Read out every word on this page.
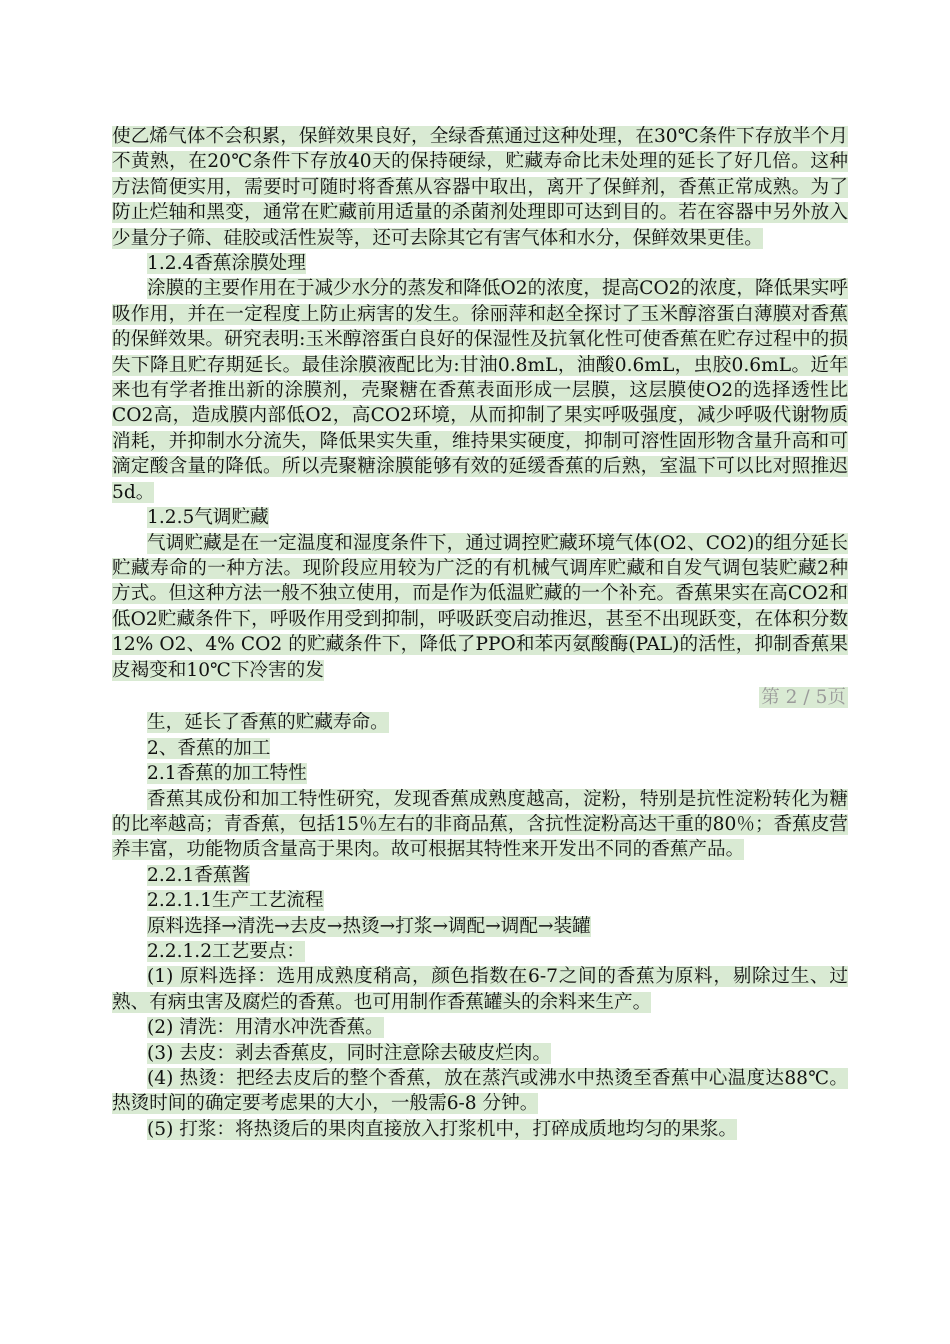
使乙烯气体不会积累，保鲜效果良好，全绿香蕉通过这种处理，在30℃条件下存放半个月不黄熟，在20℃条件下存放40天的保持硬绿，贮藏寿命比未处理的延长了好几倍。这种方法简便实用，需要时可随时将香蕉从容器中取出，离开了保鲜剂，香蕉正常成熟。为了防止烂轴和黑变，通常在贮藏前用适量的杀菌剂处理即可达到目的。若在容器中另外放入少量分子筛、硅胶或活性炭等，还可去除其它有害气体和水分，保鲜效果更佳。

1.2.4香蕉涂膜处理

涂膜的主要作用在于减少水分的蒸发和降低O2的浓度，提高CO2的浓度，降低果实呼吸作用，并在一定程度上防止病害的发生。徐丽萍和赵全探讨了玉米醇溶蛋白薄膜对香蕉的保鲜效果。研究表明:玉米醇溶蛋白良好的保湿性及抗氧化性可使香蕉在贮存过程中的损失下降且贮存期延长。最佳涂膜液配比为:甘油0.8mL，油酸0.6mL，虫胶0.6mL。近年来也有学者推出新的涂膜剂，壳聚糖在香蕉表面形成一层膜，这层膜使O2的选择透性比CO2高，造成膜内部低O2，高CO2环境，从而抑制了果实呼吸强度，减少呼吸代谢物质消耗，并抑制水分流失，降低果实失重，维持果实硬度，抑制可溶性固形物含量升高和可滴定酸含量的降低。所以壳聚糖涂膜能够有效的延缓香蕉的后熟，室温下可以比对照推迟5d。

1.2.5气调贮藏

气调贮藏是在一定温度和湿度条件下，通过调控贮藏环境气体(O2、CO2)的组分延长贮藏寿命的一种方法。现阶段应用较为广泛的有机械气调库贮藏和自发气调包装贮藏2种方式。但这种方法一般不独立使用，而是作为低温贮藏的一个补充。香蕉果实在高CO2和低O2贮藏条件下，呼吸作用受到抑制，呼吸跃变启动推迟，甚至不出现跃变，在体积分数12% O2、4% CO2 的贮藏条件下，降低了PPO和苯丙氨酸酶(PAL)的活性，抑制香蕉果皮褐变和10℃下冷害的发

第 2 / 5页

生，延长了香蕉的贮藏寿命。

2、香蕉的加工

2.1香蕉的加工特性

香蕉其成份和加工特性研究，发现香蕉成熟度越高，淀粉，特别是抗性淀粉转化为糖的比率越高；青香蕉，包括15％左右的非商品蕉，含抗性淀粉高达干重的80％；香蕉皮营养丰富，功能物质含量高于果肉。故可根据其特性来开发出不同的香蕉产品。

2.2.1香蕉酱

2.2.1.1生产工艺流程

原料选择→清洗→去皮→热烫→打浆→调配→调配→装罐

2.2.1.2工艺要点：

(1) 原料选择：选用成熟度稍高，颜色指数在6-7之间的香蕉为原料，剔除过生、过熟、有病虫害及腐烂的香蕉。也可用制作香蕉罐头的余料来生产。

(2) 清洗：用清水冲洗香蕉。

(3) 去皮：剥去香蕉皮，同时注意除去破皮烂肉。

(4) 热烫：把经去皮后的整个香蕉，放在蒸汽或沸水中热烫至香蕉中心温度达88℃。热烫时间的确定要考虑果的大小，一般需6-8 分钟。

(5) 打浆：将热烫后的果肉直接放入打浆机中，打碎成质地均匀的果浆。
